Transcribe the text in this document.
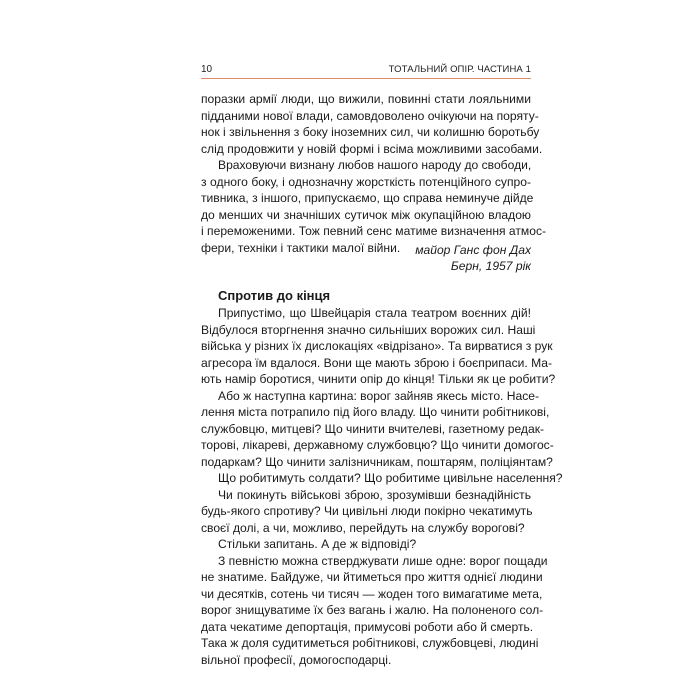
10	ТОТАЛЬНИЙ ОПІР. ЧАСТИНА 1
поразки армії люди, що вижили, повинні стати лояльними
підданими нової влади, самовдоволено очікуючи на поряту-
нок і звільнення з боку іноземних сил, чи колишню боротьбу
слід продовжити у новій формі і всіма можливими засобами.
Враховуючи визнану любов нашого народу до свободи,
з одного боку, і однозначну жорсткість потенційного супро-
тивника, з іншого, припускаємо, що справа неминуче дійде
до менших чи значніших сутичок між окупаційною владою
і переможеними. Тож певний сенс матиме визначення атмос-
фери, техніки і тактики малої війни.	майор Ганс фон Дах
Берн, 1957 рік
Спротив до кінця
Припустімо, що Швейцарія стала театром воєнних дій!
Відбулося вторгнення значно сильніших ворожих сил. Наші
війська у різних їх дислокаціях «відрізано». Та вирватися з рук
агресора їм вдалося. Вони ще мають зброю і боєприпаси. Ма-
ють намір боротися, чинити опір до кінця! Тільки як це робити?
Або ж наступна картина: ворог зайняв якесь місто. Насе-
лення міста потрапило під його владу. Що чинити робітникові,
службовцю, митцеві? Що чинити вчителеві, газетному редак-
торові, лікареві, державному службовцю? Що чинити домогос-
подаркам? Що чинити залізничникам, поштарям, поліціянтам?
Що робитимуть солдати? Що робитиме цивільне населення?
Чи покинуть військові зброю, зрозумівши безнадійність
будь-якого спротиву? Чи цивільні люди покірно чекатимуть
своєї долі, а чи, можливо, перейдуть на службу ворогові?
Стільки запитань. А де ж відповіді?
З певністю можна стверджувати лише одне: ворог пощади
не знатиме. Байдуже, чи йтиметься про життя однієї людини
чи десятків, сотень чи тисяч — жоден того вимагатиме мета,
ворог знищуватиме їх без вагань і жалю. На полоненого сол-
дата чекатиме депортація, примусові роботи або й смерть.
Така ж доля судитиметься робітникові, службовцеві, людині
вільної професії, домогосподарці.
